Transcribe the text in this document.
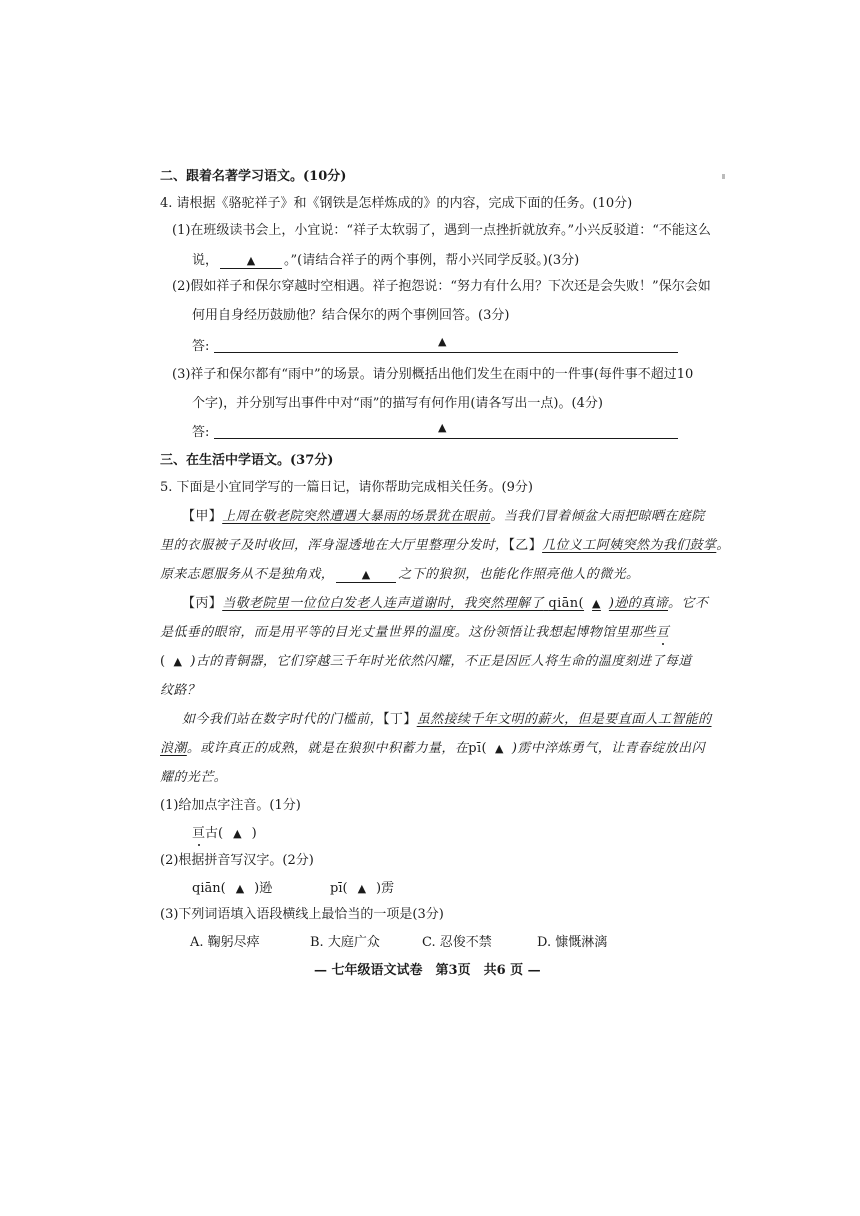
二、跟着名著学习语文。(10分)
4. 请根据《骆驼祥子》和《钢铁是怎样炼成的》的内容，完成下面的任务。(10分)
(1)在班级读书会上，小宜说：“祥子太软弱了，遇到一点挫折就放弃。”小兴反驳道：“不能这么
说，	▲ 。”(请结合祥子的两个事例，帮小兴同学反驳。)(3分)
(2)假如祥子和保尔穿越时空相遇。祥子抱怨说：“努力有什么用？下次还是会失败！”保尔会如
何用自身经历鼓励他？结合保尔的两个事例回答。(3分)
答:	▲
(3)祥子和保尔都有“雨中”的场景。请分别概括出他们发生在雨中的一件事(每件事不超过10
个字)，并分别写出事件中对“雨”的描写有何作用(请各写出一点)。(4分)
答:	▲
三、在生活中学语文。(37分)
5. 下面是小宜同学写的一篇日记，请你帮助完成相关任务。(9分)
【甲】上周在敬老院突然遭遇大暴雨的场景犹在眼前。当我们冒着倾盆大雨把晾晒在庭院
里的衣服被子及时收回，浑身湿透地在大厅里整理分发时，【乙】几位义工阿姨突然为我们鼓掌。
原来志愿服务从不是独角戏，	▲ 之下的狼狈，也能化作照亮他人的微光。
【丙】当敬老院里一位位白发老人连声道谢时，我突然理解了 qiān( ▲ )逊的真谛。它不
是低垂的眼帘，而是用平等的目光丈量世界的温度。这份领悟让我想起博物馆里那些亘
( ▲ )古的青铜器，它们穿越三千年时光依然闪耀，不正是因匠人将生命的温度刻进了每道
纹路？
如今我们站在数字时代的门槛前，【丁】虽然接续千年文明的薪火，但是要直面人工智能的
浪潮。或许真正的成熟，就是在狼狈中积蓄力量，在pī( ▲ )雳中淬炼勇气，让青春绽放出闪
耀的光芒。
(1)给加点字注音。(1分)
亘古( ▲ )
(2)根据拼音写汉字。(2分)
qiān( ▲ )逊	pī( ▲ )雳
(3)下列词语填入语段横线上最恰当的一项是(3分)
A. 鞠躬尽瘁	B. 大庭广众	C. 忍俊不禁	D. 慷慨淋漓
— 七年级语文试卷　第3页　共6 页 —
